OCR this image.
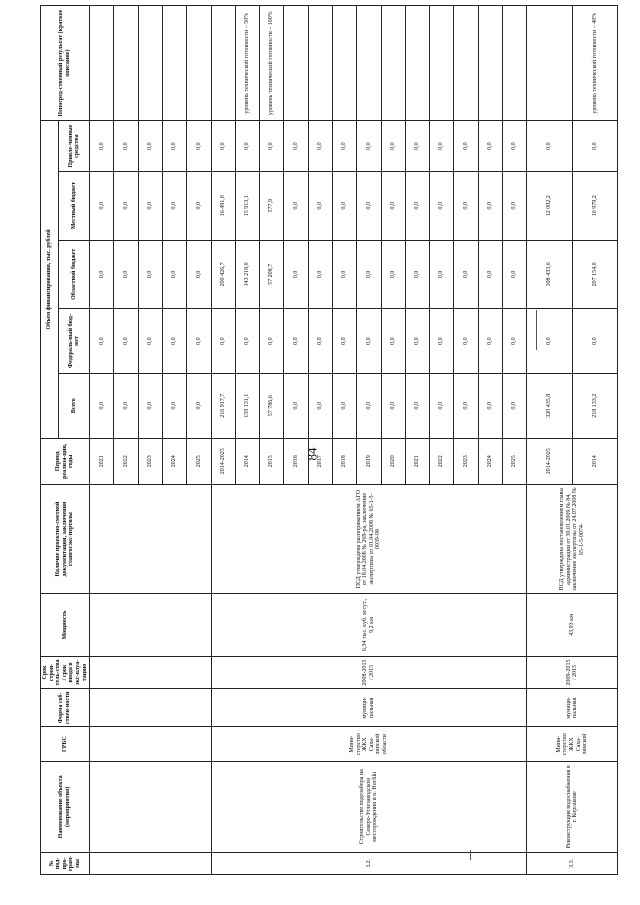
84
№ под-про-грам-мы	Наименование объекта (мероприятия)	ГРБС	Форма соб-ствен-ности	Срок строи-тель-ства / срок ввода в экс-плуа-тацию	Мощность	Наличие проектно-сметной документации, заключения главгосэкс-пертизы	Период реализа-ции, годы	Объем финансирования, тыс. рублей					Непосред-ственный результат (краткое описание)
								Всего	Федераль-ный бюд-жет	Областной бюджет	Местный бюджет	Привле-ченные средства	
							2021	0,0	0,0	0,0	0,0	0,0	
							2022	0,0	0,0	0,0	0,0	0,0	
							2023	0,0	0,0	0,0	0,0	0,0	
							2024	0,0	0,0	0,0	0,0	0,0	
							2025	0,0	0,0	0,0	0,0	0,0	
3.2.	Строительство водозабора на Северо-Углезаводском месторождении в п. Ногliki	Мини-стерство ЖКХ Саха-линской области	муници-пальная	2008-2015 / 2015	6,34 тыс. куб. м/сут., 9,2 км	ПСД утверждена распоряжением АГО от 18.04.2008 № 269-ра, заключение экспертизы от 01.04.2008 № 65-1-5-0039-08	2014-2025	216 917,7	0,0	200 426,7	16 491,0	0,0	
							2014	159 131,1	0,0	143 218,0	15 913,1	0,0	уровень технической готовности – 50%
							2015	57 786,6	0,0	57 208,7	577,9	0,0	уровень технической готовности – 100%
							2016	0,0	0,0	0,0	0,0	0,0	
							2017	0,0	0,0	0,0	0,0	0,0	
							2018	0,0	0,0	0,0	0,0	0,0	
							2019	0,0	0,0	0,0	0,0	0,0	
							2020	0,0	0,0	0,0	0,0	0,0	
							2021	0,0	0,0	0,0	0,0	0,0	
							2022	0,0	0,0	0,0	0,0	0,0	
							2023	0,0	0,0	0,0	0,0	0,0	
							2024	0,0	0,0	0,0	0,0	0,0	
							2025	0,0	0,0	0,0	0,0	0,0	
3.3.	Реконструкция водоснабжения в г. Корсакове	Мини-стерство ЖКХ Саха-линской	муници-пальная	2009-2015 / 2015	43,93 км	ПСД утверждена постановлением главы администрации от 30.01.2009 № 84, заключение экспертизы от 24.07.2008 № 65-1-5-0074-	2014-2025	320 435,8	0,0	308 433,6	12 002,2	0,0	
							2014	218 133,2	0,0	207 154,0	10 979,2	0,0	уровень технической готовности – 40%
